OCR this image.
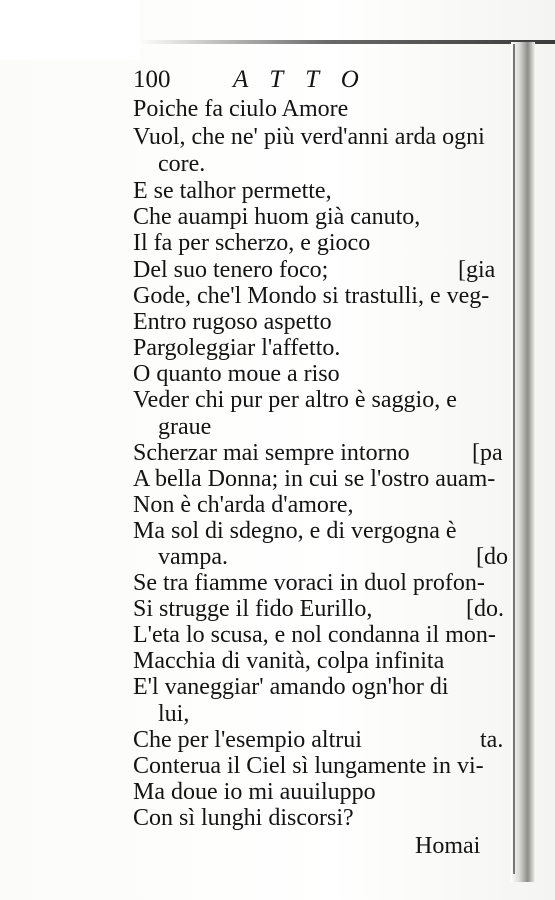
100	ATTO
Poiche fa ciulo Amore
Vuol, che ne' più verd'anni arda ogni
core.
E se talhor permette,
Che auampi huom già canuto,
Il fa per scherzo, e gioco
Del suo tenero foco;	[gia
Gode, che'l Mondo si trastulli, e veg-
Entro rugoso aspetto
Pargoleggiar l'affetto.
O quanto moue a riso
Veder chi pur per altro è saggio, e
graue
Scherzar mai sempre intorno	[pa
A bella Donna; in cui se l'ostro auam-
Non è ch'arda d'amore,
Ma sol di sdegno, e di vergogna è
vampa.	[do
Se tra fiamme voraci in duol profon-
Si strugge il fido Eurillo,	[do.
L'eta lo scusa, e nol condanna il mon-
Macchia di vanità, colpa infinita
E'l vaneggiar' amando ogn'hor di
lui,
Che per l'esempio altrui	ta.
Conterua il Ciel sì lungamente in vi-
Ma doue io mi auuiluppo
Con sì lunghi discorsi?
Homai
